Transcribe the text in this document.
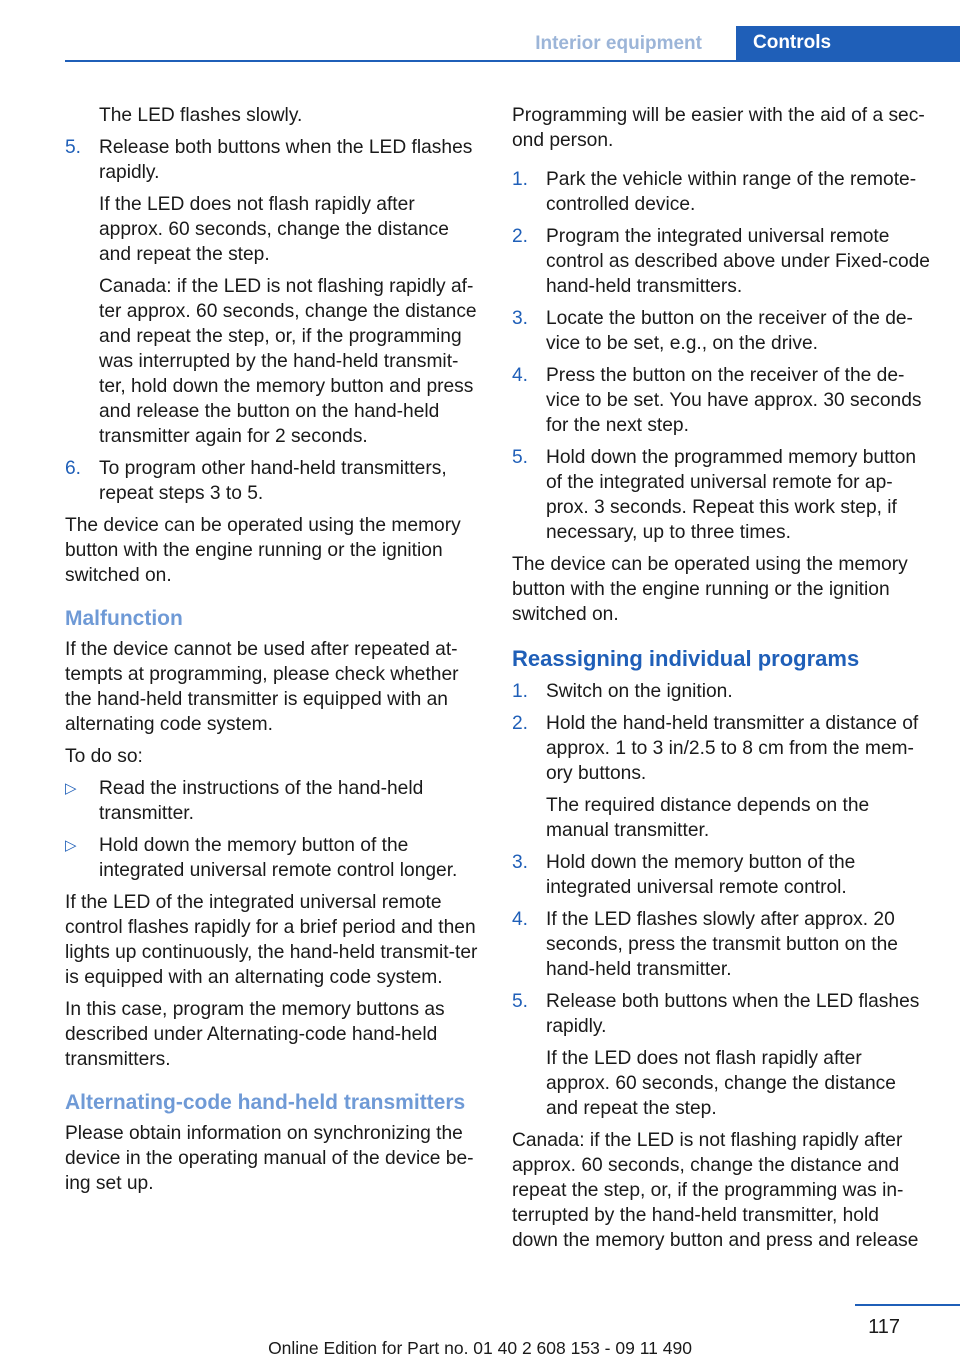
Interior equipment	Controls

The LED flashes slowly.

5. Release both buttons when the LED flashes rapidly.
If the LED does not flash rapidly after approx. 60 seconds, change the distance and repeat the step.
Canada: if the LED is not flashing rapidly af-ter approx. 60 seconds, change the distance and repeat the step, or, if the programming was interrupted by the hand-held transmit-ter, hold down the memory button and press and release the button on the hand-held transmitter again for 2 seconds.
6. To program other hand-held transmitters, repeat steps 3 to 5.

The device can be operated using the memory button with the engine running or the ignition switched on.

Malfunction

If the device cannot be used after repeated at-tempts at programming, please check whether the hand-held transmitter is equipped with an alternating code system.

To do so:

▷	Read the instructions of the hand-held transmitter.
▷	Hold down the memory button of the integrated universal remote control longer.

If the LED of the integrated universal remote control flashes rapidly for a brief period and then lights up continuously, the hand-held transmit-ter is equipped with an alternating code system.

In this case, program the memory buttons as described under Alternating-code hand-held transmitters.

Alternating-code hand-held transmitters

Please obtain information on synchronizing the device in the operating manual of the device be-ing set up.

Programming will be easier with the aid of a sec-ond person.

1. Park the vehicle within range of the remote-controlled device.
2. Program the integrated universal remote control as described above under Fixed-code hand-held transmitters.
3. Locate the button on the receiver of the de-vice to be set, e.g., on the drive.
4. Press the button on the receiver of the de-vice to be set. You have approx. 30 seconds for the next step.
5. Hold down the programmed memory button of the integrated universal remote for ap-prox. 3 seconds. Repeat this work step, if necessary, up to three times.

The device can be operated using the memory button with the engine running or the ignition switched on.

Reassigning individual programs
1. Switch on the ignition.
2. Hold the hand-held transmitter a distance of approx. 1 to 3 in/2.5 to 8 cm from the mem-ory buttons.
The required distance depends on the manual transmitter.
3. Hold down the memory button of the integrated universal remote control.
4. If the LED flashes slowly after approx. 20 seconds, press the transmit button on the hand-held transmitter.
5. Release both buttons when the LED flashes rapidly.
If the LED does not flash rapidly after approx. 60 seconds, change the distance and repeat the step.

Canada: if the LED is not flashing rapidly after approx. 60 seconds, change the distance and repeat the step, or, if the programming was in-terrupted by the hand-held transmitter, hold down the memory button and press and release

117
Online Edition for Part no. 01 40 2 608 153 - 09 11 490
